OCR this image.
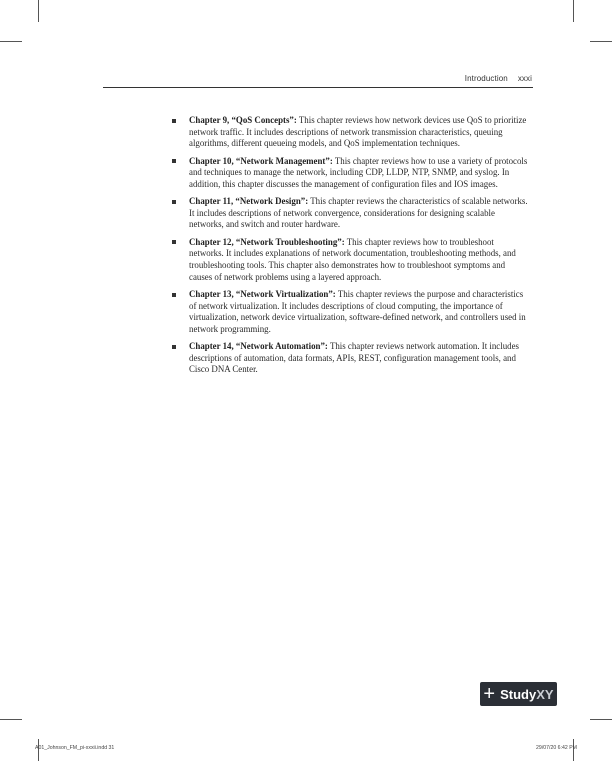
Introduction xxxi
Chapter 9, “QoS Concepts”: This chapter reviews how network devices use QoS to prioritize network traffic. It includes descriptions of network transmission characteristics, queuing algorithms, different queueing models, and QoS implementation techniques.
Chapter 10, “Network Management”: This chapter reviews how to use a variety of protocols and techniques to manage the network, including CDP, LLDP, NTP, SNMP, and syslog. In addition, this chapter discusses the management of configuration files and IOS images.
Chapter 11, “Network Design”: This chapter reviews the characteristics of scalable networks. It includes descriptions of network convergence, considerations for designing scalable networks, and switch and router hardware.
Chapter 12, “Network Troubleshooting”: This chapter reviews how to troubleshoot networks. It includes explanations of network documentation, troubleshooting methods, and troubleshooting tools. This chapter also demonstrates how to troubleshoot symptoms and causes of network problems using a layered approach.
Chapter 13, “Network Virtualization”: This chapter reviews the purpose and characteristics of network virtualization. It includes descriptions of cloud computing, the importance of virtualization, network device virtualization, software-defined network, and controllers used in network programming.
Chapter 14, “Network Automation”: This chapter reviews network automation. It includes descriptions of automation, data formats, APIs, REST, configuration management tools, and Cisco DNA Center.
+ Study XY
A01_Johnson_FM_pi-xxxii.indd 31	29/07/20 6:42 PM
